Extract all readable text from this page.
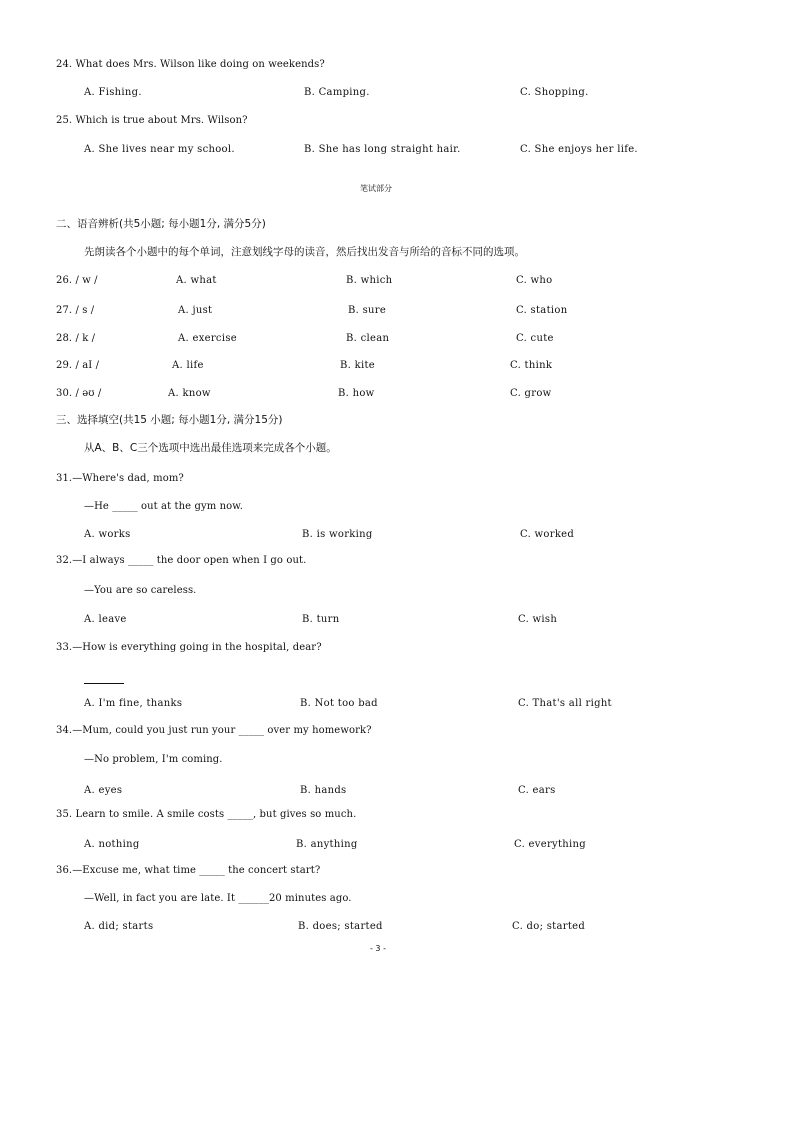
24. What does Mrs. Wilson like doing on weekends?
A. Fishing.	B. Camping.	C. Shopping.
25. Which is true about Mrs. Wilson?
A. She lives near my school.	B. She has long straight hair.	C. She enjoys her life.
笔试部分
二、语音辨析(共5小题; 每小题1分, 满分5分)
先朗读各个小题中的每个单词，注意划线字母的读音，然后找出发音与所给的音标不同的选项。
26. / w /	A. what	B. which	C. who
27. / s /	A. just	B. sure	C. station
28. / k /	A. exercise	B. clean	C. cute
29. / aI /	A. life	B. kite	C. think
30. / əʊ /	A. know	B. how	C. grow
三、选择填空(共15 小题; 每小题1分, 满分15分)
从A、B、C三个选项中选出最佳选项来完成各个小题。
31.—Where's dad, mom?
—He _____ out at the gym now.
A. works	B. is working	C. worked
32.—I always _____ the door open when I go out.
—You are so careless.
A. leave	B. turn	C. wish
33.—How is everything going in the hospital, dear?
A. I'm fine, thanks	B. Not too bad	C. That's all right
34.—Mum, could you just run your _____ over my homework?
—No problem, I'm coming.
A. eyes	B. hands	C. ears
35. Learn to smile. A smile costs _____, but gives so much.
A. nothing	B. anything	C. everything
36.—Excuse me, what time _____ the concert start?
—Well, in fact you are late. It ______20 minutes ago.
A. did; starts	B. does; started	C. do; started
- 3 -
